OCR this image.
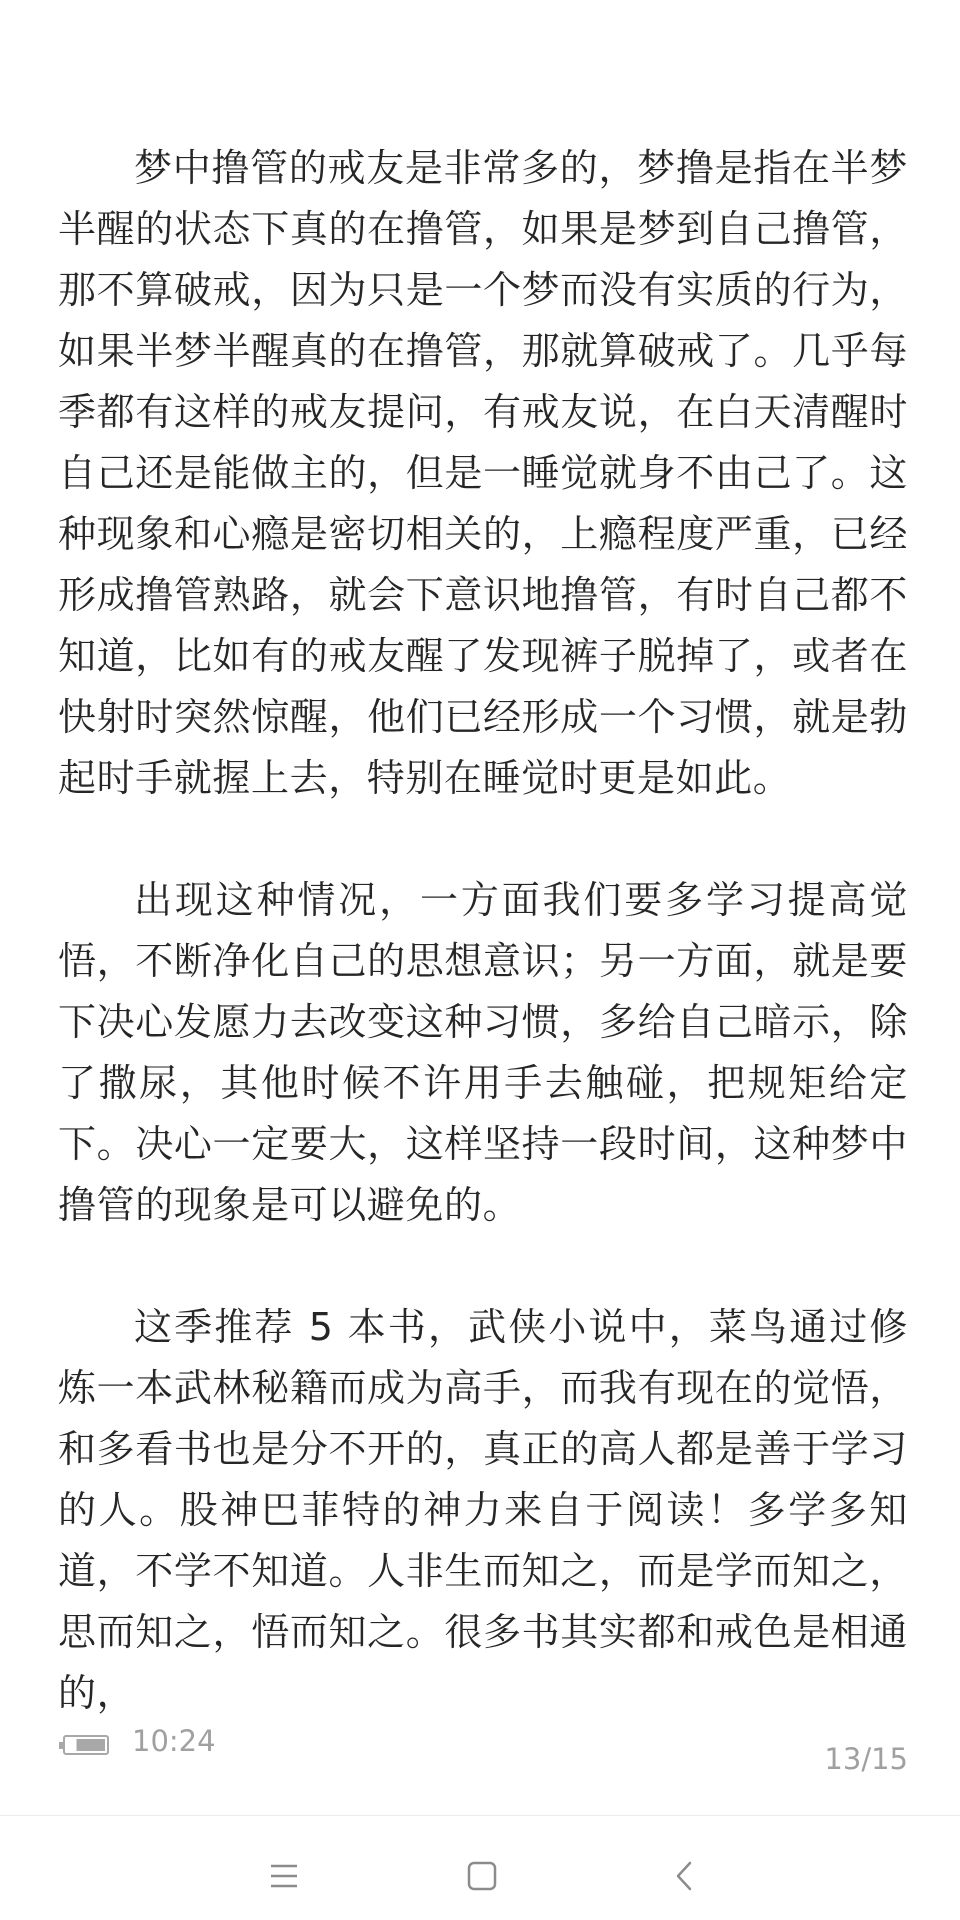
梦中撸管的戒友是非常多的，梦撸是指在半梦半醒的状态下真的在撸管，如果是梦到自己撸管，那不算破戒，因为只是一个梦而没有实质的行为，如果半梦半醒真的在撸管，那就算破戒了。几乎每季都有这样的戒友提问，有戒友说，在白天清醒时自己还是能做主的，但是一睡觉就身不由己了。这种现象和心瘾是密切相关的，上瘾程度严重，已经形成撸管熟路，就会下意识地撸管，有时自己都不知道，比如有的戒友醒了发现裤子脱掉了，或者在快射时突然惊醒，他们已经形成一个习惯，就是勃起时手就握上去，特别在睡觉时更是如此。

出现这种情况，一方面我们要多学习提高觉悟，不断净化自己的思想意识；另一方面，就是要下决心发愿力去改变这种习惯，多给自己暗示，除了撒尿，其他时候不许用手去触碰，把规矩给定下。决心一定要大，这样坚持一段时间，这种梦中撸管的现象是可以避免的。

这季推荐 5 本书，武侠小说中，菜鸟通过修炼一本武林秘籍而成为高手，而我有现在的觉悟，和多看书也是分不开的，真正的高人都是善于学习的人。股神巴菲特的神力来自于阅读！多学多知道，不学不知道。人非生而知之，而是学而知之，思而知之，悟而知之。很多书其实都和戒色是相通的，

10:24
13/15
